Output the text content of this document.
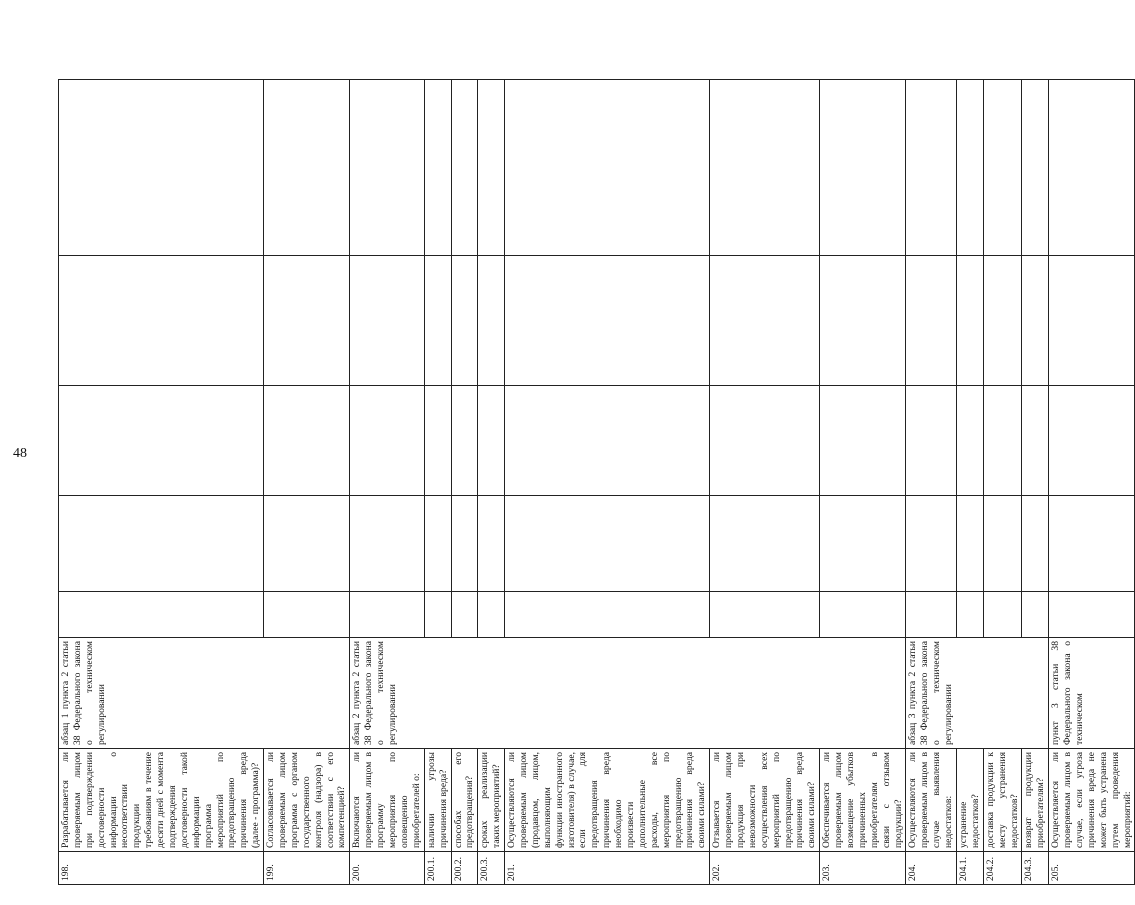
48
198.	Разрабатывается ли проверяемым лицом при подтверждении достоверности информации о несоответствии продукции требованиям в течение десяти дней с момента подтверждения достоверности такой информации программа мероприятий по предотвращению причинения вреда (далее - программа)?	абзац 1 пункта 2 статьи 38 Федерального закона о техническом регулировании					
199.	Согласовывается ли проверяемым лицом программа с органом государственного контроля (надзора) в соответствии с его компетенцией?						
200.	Включаются ли проверяемым лицом в программу мероприятия по оповещению приобретателей о:	абзац 2 пункта 2 статьи 38 Федерального закона о техническом регулировании					
200.1.	наличии угрозы причинения вреда?						
200.2.	способах его предотвращения?						
200.3.	сроках реализации таких мероприятий?						
201.	Осуществляются ли проверяемым лицом (продавцом, лицом, выполняющим функции иностранного изготовителя) в случае, если для предотвращения причинения вреда необходимо произвести дополнительные расходы, все мероприятия по предотвращению причинения вреда своими силами?						
202.	Отзывается ли проверяемым лицом продукция при невозможности осуществления всех мероприятий по предотвращению причинения вреда своими силами?						
203.	Обеспечивается ли проверяемым лицом возмещение убытков причиненных приобретателям в связи с отзывом продукции?						
204.	Осуществляются ли проверяемым лицом в случае выявления недостатков:	абзац 3 пункта 2 статьи 38 Федерального закона о техническом регулировании					
204.1.	устранение недостатков?						
204.2.	доставка продукции к месту устранения недостатков?						
204.3.	возврат продукции приобретателям?						
205.	Осуществляется ли проверяемым лицом в случае, если угроза причинения вреда не может быть устранена путем проведения мероприятий:	пункт 3 статьи 38 Федерального закона о техническом					
